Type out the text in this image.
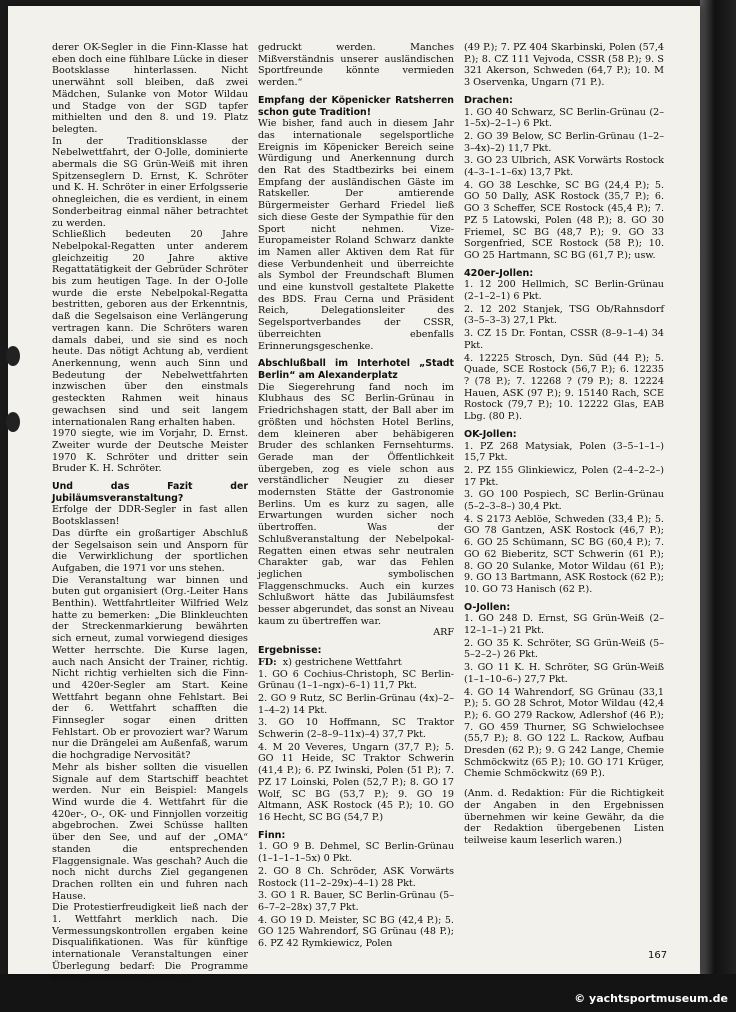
derer OK-Segler in die Finn-Klasse hat eben doch eine fühlbare Lücke in dieser Bootsklasse hinterlassen. Nicht unerwähnt soll bleiben, daß zwei Mädchen, Sulanke von Motor Wildau und Stadge von der SGD tapfer mithielten und den 8. und 19. Platz belegten.

In der Traditionsklasse der Nebelwettfahrt, der O-Jolle, dominierte abermals die SG Grün-Weiß mit ihren Spitzenseglern D. Ernst, K. Schröter und K. H. Schröter in einer Erfolgsserie ohnegleichen, die es verdient, in einem Sonderbeitrag einmal näher betrachtet zu werden.

Schließlich bedeuten 20 Jahre Nebelpokal-Regatten unter anderem gleichzeitig 20 Jahre aktive Regattatätigkeit der Gebrüder Schröter bis zum heutigen Tage. In der O-Jolle wurde die erste Nebelpokal-Regatta bestritten, geboren aus der Erkenntnis, daß die Segelsaison eine Verlängerung vertragen kann. Die Schröters waren damals dabei, und sie sind es noch heute. Das nötigt Achtung ab, verdient Anerkennung, wenn auch Sinn und Bedeutung der Nebelwettfahrten inzwischen über den einstmals gesteckten Rahmen weit hinaus gewachsen sind und seit langem internationalen Rang erhalten haben.

1970 siegte, wie im Vorjahr, D. Ernst. Zweiter wurde der Deutsche Meister 1970 K. Schröter und dritter sein Bruder K. H. Schröter.

Und das Fazit der Jubiläumsveranstaltung?

Erfolge der DDR-Segler in fast allen Bootsklassen!

Das dürfte ein großartiger Abschluß der Segelsaison sein und Ansporn für die Verwirklichung der sportlichen Aufgaben, die 1971 vor uns stehen.

Die Veranstaltung war binnen und buten gut organisiert (Org.-Leiter Hans Benthin). Wettfahrtleiter Wilfried Welz hatte zu bemerken: „Die Blinkleuchten der Streckenmarkierung bewährten sich erneut, zumal vorwiegend diesiges Wetter herrschte. Die Kurse lagen, auch nach Ansicht der Trainer, richtig. Nicht richtig verhielten sich die Finn- und 420er-Segler am Start. Keine Wettfahrt begann ohne Fehlstart. Bei der 6. Wettfahrt schafften die Finnsegler sogar einen dritten Fehlstart. Ob er provoziert war? Warum nur die Drängelei am Außenfaß, warum die hochgradige Nervosität?

Mehr als bisher sollten die visuellen Signale auf dem Startschiff beachtet werden. Nur ein Beispiel: Mangels Wind wurde die 4. Wettfahrt für die 420er-, O-, OK- und Finnjollen vorzeitig abgebrochen. Zwei Schüsse hallten über den See, und auf der „OMA“ standen die entsprechenden Flaggensignale. Was geschah? Auch die noch nicht durchs Ziel gegangenen Drachen rollten ein und fuhren nach Hause.

Die Protestierfreudigkeit ließ nach der 1. Wettfahrt merklich nach. Die Vermessungskontrollen ergaben keine Disqualifikationen. Was für künftige internationale Veranstaltungen einer Überlegung bedarf: Die Programme sollten auch fremdsprachig

gedruckt werden. Manches Mißverständnis unserer ausländischen Sportfreunde könnte vermieden werden.“

Empfang der Köpenicker Ratsherren schon gute Tradition!

Wie bisher, fand auch in diesem Jahr das internationale segelsportliche Ereignis im Köpenicker Bereich seine Würdigung und Anerkennung durch den Rat des Stadtbezirks bei einem Empfang der ausländischen Gäste im Ratskeller. Der amtierende Bürgermeister Gerhard Friedel ließ sich diese Geste der Sympathie für den Sport nicht nehmen. Vize-Europameister Roland Schwarz dankte im Namen aller Aktiven dem Rat für diese Verbundenheit und überreichte als Symbol der Freundschaft Blumen und eine kunstvoll gestaltete Plakette des BDS. Frau Cerna und Präsident Reich, Delegationsleiter des Segelsportverbandes der CSSR, überreichten ebenfalls Erinnerungsgeschenke.

Abschlußball im Interhotel „Stadt Berlin“ am Alexanderplatz

Die Siegerehrung fand noch im Klubhaus des SC Berlin-Grünau in Friedrichshagen statt, der Ball aber im größten und höchsten Hotel Berlins, dem kleineren aber behäbigeren Bruder des schlanken Fernsehturms. Gerade man der Öffentlichkeit übergeben, zog es viele schon aus verständlicher Neugier zu dieser modernsten Stätte der Gastronomie Berlins. Um es kurz zu sagen, alle Erwartungen wurden sicher noch übertroffen. Was der Schlußveranstaltung der Nebelpokal-Regatten einen etwas sehr neutralen Charakter gab, war das Fehlen jeglichen symbolischen Flaggenschmucks. Auch ein kurzes Schlußwort hätte das Jubiläumsfest besser abgerundet, das sonst an Niveau kaum zu übertreffen war.

ARF

Ergebnisse:

FD: x) gestrichene Wettfahrt

1. GO 6 Cochius-Christoph, SC Berlin-Grünau (1–1–ngx)–6–1) 11,7 Pkt.
2. GO 9 Rutz, SC Berlin-Grünau (4x)–2–1–4–2) 14 Pkt.
3. GO 10 Hoffmann, SC Traktor Schwerin (2–8–9–11x)–4) 37,7 Pkt.
4. M 20 Veveres, Ungarn (37,7 P.); 5. GO 11 Heide, SC Traktor Schwerin (41,4 P.); 6. PZ Iwinski, Polen (51 P.); 7. PZ 17 Loinski, Polen (52,7 P.); 8. GO 17 Wolf, SC BG (53,7 P.); 9. GO 19 Altmann, ASK Rostock (45 P.); 10. GO 16 Hecht, SC BG (54,7 P.)

Finn:

1. GO 9 B. Dehmel, SC Berlin-Grünau (1–1–1–1–5x) 0 Pkt.
2. GO 8 Ch. Schröder, ASK Vorwärts Rostock (11–2–29x)–4–1) 28 Pkt.
3. GO 1 R. Bauer, SC Berlin-Grünau (5–6–7–2–28x) 37,7 Pkt.
4. GO 19 D. Meister, SC BG (42,4 P.); 5. GO 125 Wahrendorf, SG Grünau (48 P.); 6. PZ 42 Rymkiewicz, Polen

(49 P.); 7. PZ 404 Skarbinski, Polen (57,4 P.); 8. CZ 111 Vejvoda, CSSR (58 P.); 9. S 321 Akerson, Schweden (64,7 P.); 10. M 3 Oservenka, Ungarn (71 P.).

Drachen:

1. GO 40 Schwarz, SC Berlin-Grünau (2–1–5x)–2–1–) 6 Pkt.
2. GO 39 Below, SC Berlin-Grünau (1–2–3–4x)–2) 11,7 Pkt.
3. GO 23 Ulbrich, ASK Vorwärts Rostock (4–3–1–1–6x) 13,7 Pkt.
4. GO 38 Leschke, SC BG (24,4 P.); 5. GO 50 Dally, ASK Rostock (35,7 P.); 6. GO 3 Scheffer, SCE Rostock (45,4 P.); 7. PZ 5 Latowski, Polen (48 P.); 8. GO 30 Friemel, SC BG (48,7 P.); 9. GO 33 Sorgenfried, SCE Rostock (58 P.); 10. GO 25 Hartmann, SC BG (61,7 P.); usw.

420er-Jollen:

1. 12 200 Hellmich, SC Berlin-Grünau (2–1–2–1) 6 Pkt.
2. 12 202 Stanjek, TSG Ob/Rahnsdorf (3–5–3–3) 27,1 Pkt.
3. CZ 15 Dr. Fontan, CSSR (8–9–1–4) 34 Pkt.
4. 12225 Strosch, Dyn. Süd (44 P.); 5. Quade, SCE Rostock (56,7 P.); 6. 12235 ? (78 P.); 7. 12268 ? (79 P.); 8. 12224 Hauen, ASK (97 P.); 9. 15140 Rach, SCE Rostock (79,7 P.); 10. 12222 Glas, EAB Lbg. (80 P.).

OK-Jollen:

1. PZ 268 Matysiak, Polen (3–5–1–1–) 15,7 Pkt.
2. PZ 155 Glinkiewicz, Polen (2–4–2–2–) 17 Pkt.
3. GO 100 Pospiech, SC Berlin-Grünau (5–2–3–8–) 30,4 Pkt.
4. S 2173 Aeblöe, Schweden (33,4 P.); 5. GO 78 Gantzen, ASK Rostock (46,7 P.); 6. GO 25 Schümann, SC BG (60,4 P.); 7. GO 62 Bieberitz, SCT Schwerin (61 P.); 8. GO 20 Sulanke, Motor Wildau (61 P.); 9. GO 13 Bartmann, ASK Rostock (62 P.); 10. GO 73 Hanisch (62 P.).

O-Jollen:

1. GO 248 D. Ernst, SG Grün-Weiß (2–12–1–1–) 21 Pkt.
2. GO 35 K. Schröter, SG Grün-Weiß (5–5–2–2–) 26 Pkt.
3. GO 11 K. H. Schröter, SG Grün-Weiß (1–1–10–6–) 27,7 Pkt.
4. GO 14 Wahrendorf, SG Grünau (33,1 P.); 5. GO 28 Schrot, Motor Wildau (42,4 P.); 6. GO 279 Rackow, Adlershof (46 P.); 7. GO 459 Thurner, SG Schwielochsee (55,7 P.); 8. GO 122 L. Rackow, Aufbau Dresden (62 P.); 9. G 242 Lange, Chemie Schmöckwitz (65 P.); 10. GO 171 Krüger, Chemie Schmöckwitz (69 P.).

(Anm. d. Redaktion: Für die Richtigkeit der Angaben in den Ergebnissen übernehmen wir keine Gewähr, da die der Redaktion übergebenen Listen teilweise kaum leserlich waren.)

167
© yachtsportmuseum.de
